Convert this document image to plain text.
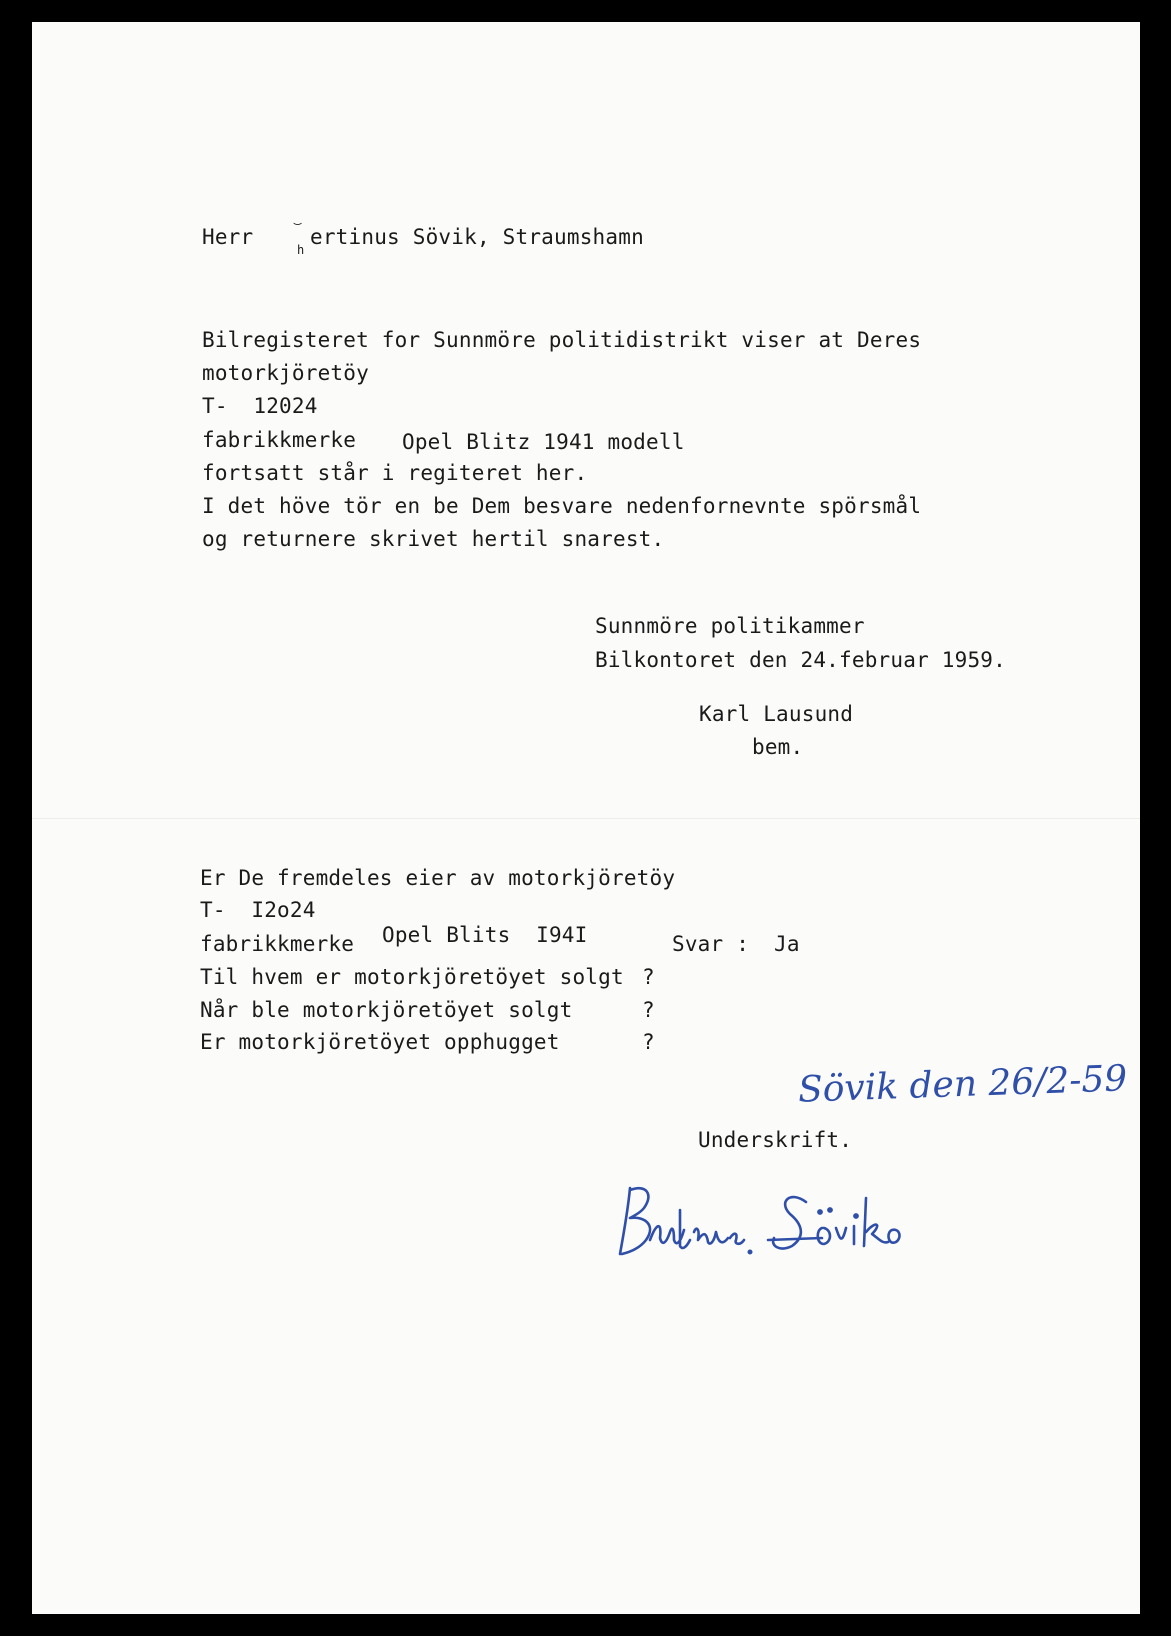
Herr
‿
ertinus Sövik, Straumshamn
h
Bilregisteret for Sunnmöre politidistrikt viser at Deres
motorkjöretöy
T-  12024
fabrikkmerke Opel Blitz 1941 modell
fortsatt står i regiteret her.
I det höve tör en be Dem besvare nedenfornevnte spörsmål
og returnere skrivet hertil snarest.
Sunnmöre politikammer
Bilkontoret den 24.februar 1959.
Karl Lausund
bem.
Er De fremdeles eier av motorkjöretöy
T-  I2o24
fabrikkmerke Opel Blits  I94I	Svar : Ja
Til hvem er motorkjöretöyet solgt ?
Når ble motorkjöretöyet solgt	?
Er motorkjöretöyet opphugget	?
Sövik den 26/2-59
Underskrift.
